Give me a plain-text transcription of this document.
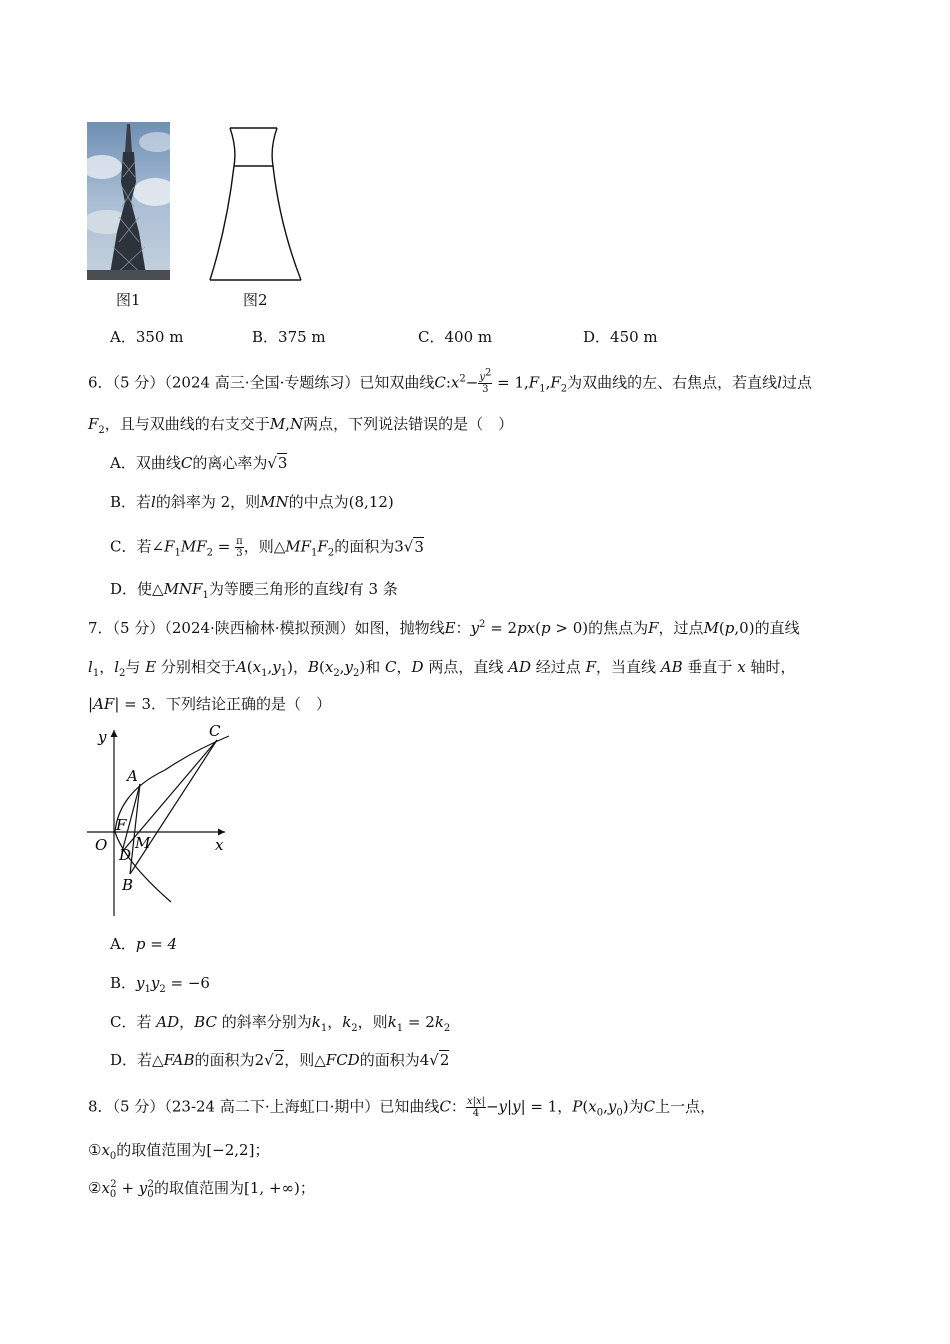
图1	图2
A．350 m	B．375 m	C．400 m	D．450 m
6．（5 分）（2024 高三·全国·专题练习）已知双曲线$C:x^2- \frac{y^2}{3} = 1,F_1,F_2$为双曲线的左、右焦点，若直线l过点
$F_2$，且与双曲线的右支交于M,N两点，下列说法错误的是（　）
A．双曲线C的离心率为√3
B．若l的斜率为 2，则MN的中点为(8,12)
C．若$\angle F_1MF_2 = \frac{\pi}{3}$ ，则$\triangle MF_1F_2$的面积为3√3
D．使$\triangle MNF_1$为等腰三角形的直线l有 3 条
7．（5 分）（2024·陕西榆林·模拟预测）如图，抛物线E：$y^2 = 2px(p > 0)$的焦点为F，过点M(p,0)的直线
$l_1$，$l_2$与 E 分别相交于$A(x_1,y_1)$，$B(x_2,y_2)$和 C，D 两点，直线 AD 经过点 F，当直线 AB 垂直于 x 轴时，
|AF| = 3．下列结论正确的是（　）
y	C
A
F
O
D
M	x
B
A．p = 4
B．$y_1y_2 = -6$
C．若 AD，BC 的斜率分别为$k_1$，$k_2$，则$k_1 = 2k_2$
D．若△FAB的面积为2√2，则△FCD的面积为4√2
8．（5 分）（23-24 高二下·上海虹口·期中）已知曲线C： $\frac{x|x|}{4} -y|y| = 1$，$P(x_0,y_0)$为C上一点，
$①x_0$的取值范围为[−2,2]；
$②x_0^2 + y_0^2$的取值范围为[1, +∞)；
